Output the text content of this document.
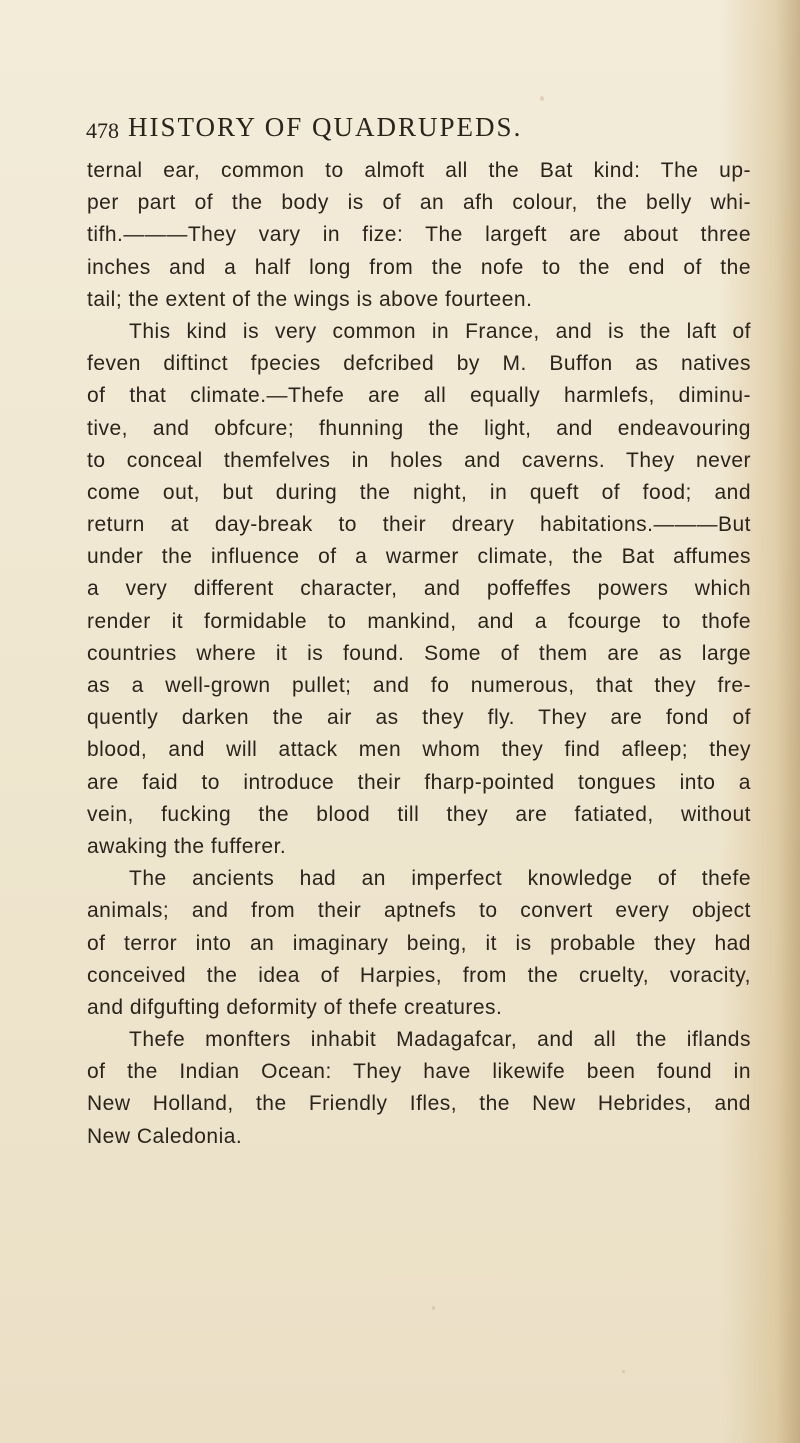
478 HISTORY OF QUADRUPEDS.
ternal ear, common to almoft all the Bat kind: The up-
per part of the body is of an afh colour, the belly whi-
tifh.———They vary in fize: The largeft are about three
inches and a half long from the nofe to the end of the
tail; the extent of the wings is above fourteen.
This kind is very common in France, and is the laft of
feven diftinct fpecies defcribed by M. Buffon as natives
of that climate.—Thefe are all equally harmlefs, diminu-
tive, and obfcure; fhunning the light, and endeavouring
to conceal themfelves in holes and caverns. They never
come out, but during the night, in queft of food; and
return at day-break to their dreary habitations.———But
under the influence of a warmer climate, the Bat affumes
a very different character, and poffeffes powers which
render it formidable to mankind, and a fcourge to thofe
countries where it is found. Some of them are as large
as a well-grown pullet; and fo numerous, that they fre-
quently darken the air as they fly. They are fond of
blood, and will attack men whom they find afleep; they
are faid to introduce their fharp-pointed tongues into a
vein, fucking the blood till they are fatiated, without
awaking the fufferer.
The ancients had an imperfect knowledge of thefe
animals; and from their aptnefs to convert every object
of terror into an imaginary being, it is probable they had
conceived the idea of Harpies, from the cruelty, voracity,
and difgufting deformity of thefe creatures.
Thefe monfters inhabit Madagafcar, and all the iflands
of the Indian Ocean: They have likewife been found in
New Holland, the Friendly Ifles, the New Hebrides, and
New Caledonia.
